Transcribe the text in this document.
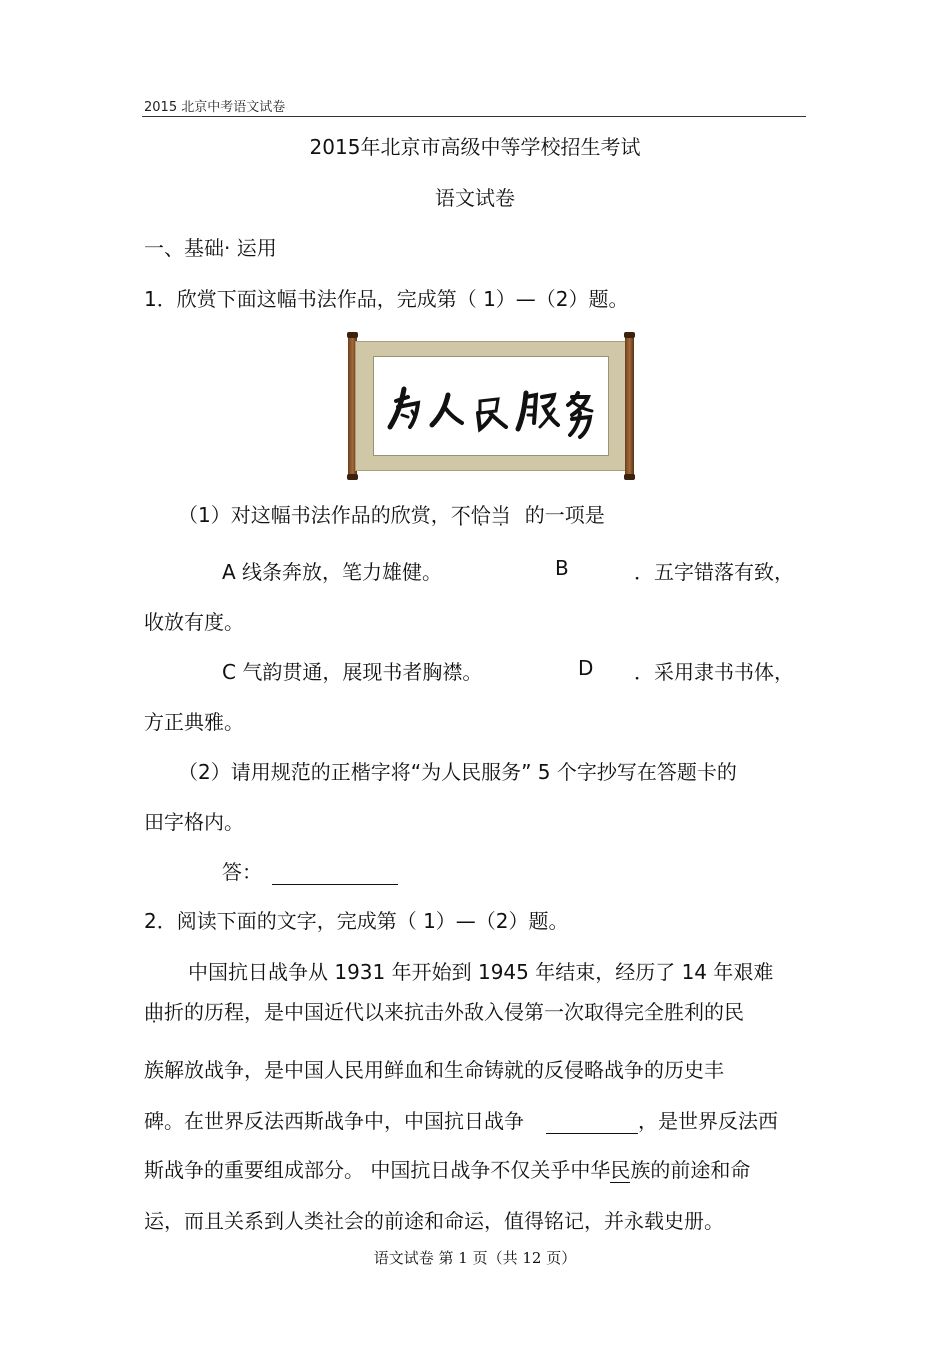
2015 北京中考语文试卷
2015年北京市高级中等学校招生考试
语文试卷
一、基础· 运用
1．欣赏下面这幅书法作品，完成第（ 1）—（2）题。
（1）对这幅书法作品的欣赏，不恰当 的一项是
A 线条奔放，笔力雄健。	B	．五字错落有致，
收放有度。
C 气韵贯通，展现书者胸襟。	D ．采用隶书书体，
方正典雅。
（2）请用规范的正楷字将“为人民服务” 5 个字抄写在答题卡的
田字格内。
答：
2．阅读下面的文字，完成第（ 1）—（2）题。
中国抗日战争从 1931 年开始到 1945 年结束，经历了 14 年艰难
曲折的历程，是中国近代以来抗击外敌入侵第一次取得完全胜利的民
族解放战争，是中国人民用鲜血和生命铸就的反侵略战争的历史丰
碑。在世界反法西斯战争中，中国抗日战争	，是世界反法西
斯战争的重要组成部分。 中国抗日战争不仅关乎中华民族的前途和命
运，而且关系到人类社会的前途和命运，值得铭记，并永载史册。
语文试卷 第 1 页（共 12 页）
